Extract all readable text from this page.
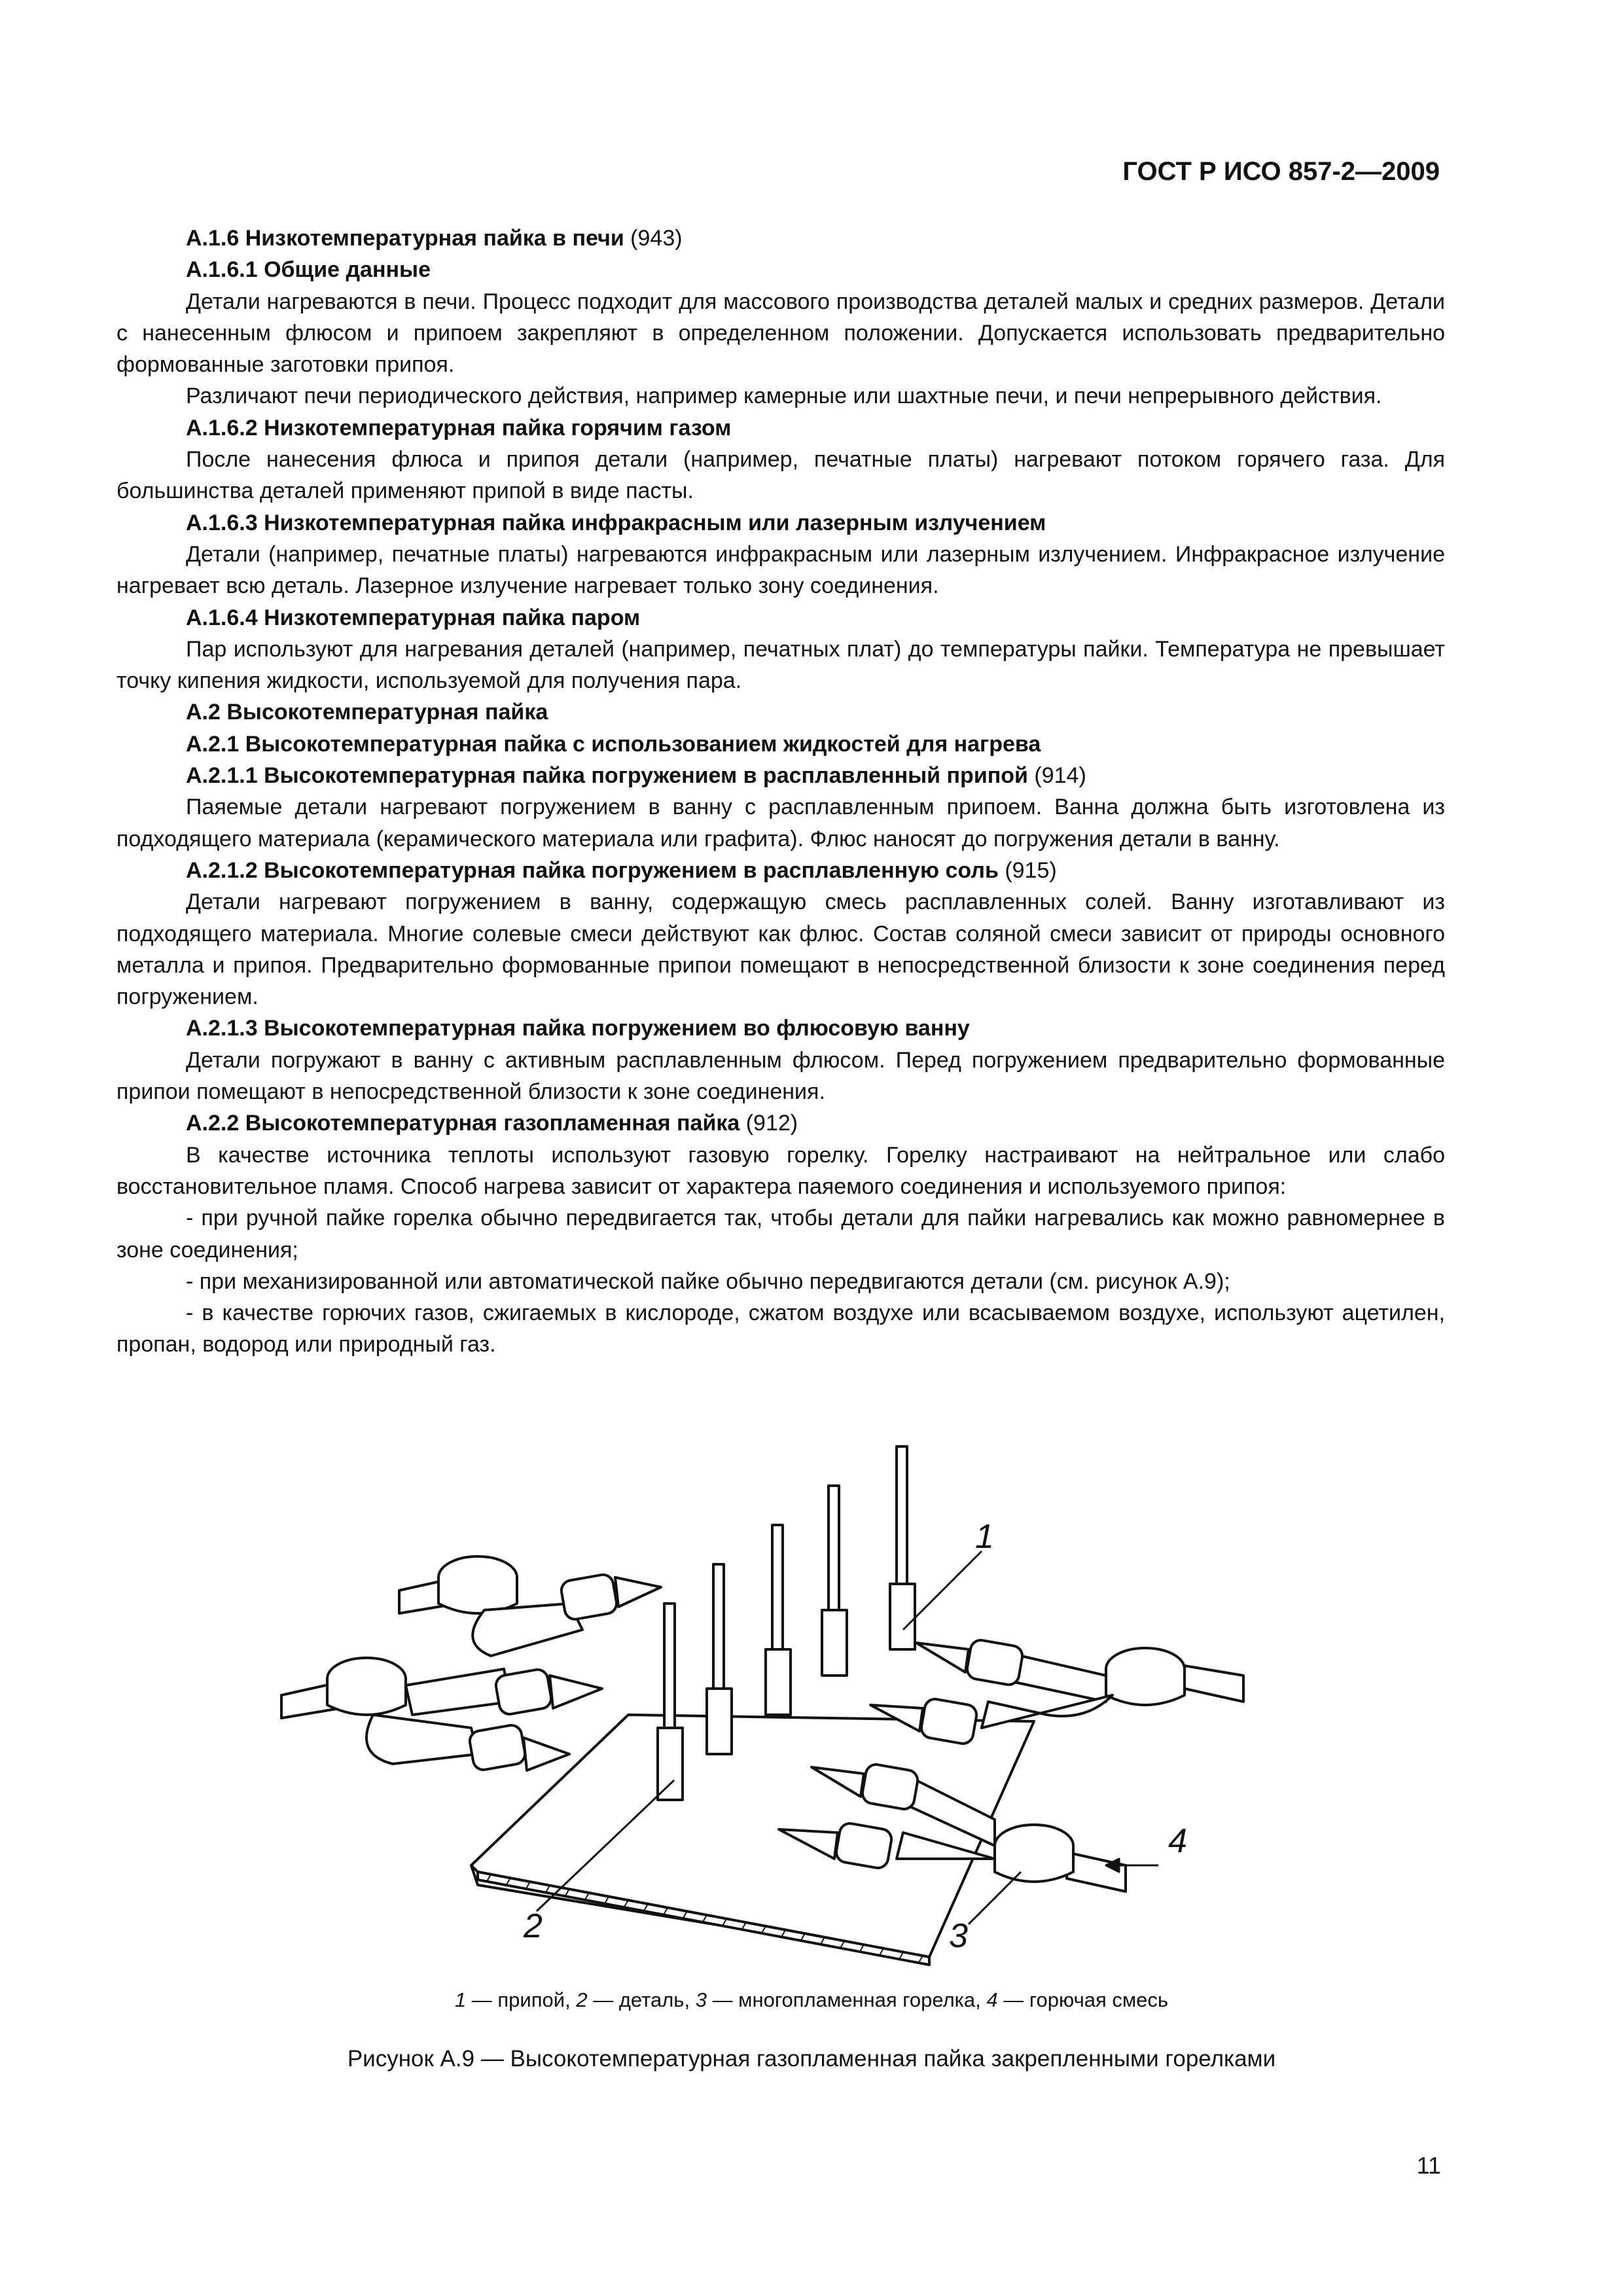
ГОСТ Р ИСО 857-2—2009

А.1.6 Низкотемпературная пайка в печи (943)

А.1.6.1 Общие данные

Детали нагреваются в печи. Процесс подходит для массового производства деталей малых и средних размеров. Детали с нанесенным флюсом и припоем закрепляют в определенном положении. Допускается использовать предварительно формованные заготовки припоя.

Различают печи периодического действия, например камерные или шахтные печи, и печи непрерывного действия.

А.1.6.2 Низкотемпературная пайка горячим газом

После нанесения флюса и припоя детали (например, печатные платы) нагревают потоком горячего газа. Для большинства деталей применяют припой в виде пасты.

А.1.6.3 Низкотемпературная пайка инфракрасным или лазерным излучением

Детали (например, печатные платы) нагреваются инфракрасным или лазерным излучением. Инфракрасное излучение нагревает всю деталь. Лазерное излучение нагревает только зону соединения.

А.1.6.4 Низкотемпературная пайка паром

Пар используют для нагревания деталей (например, печатных плат) до температуры пайки. Температура не превышает точку кипения жидкости, используемой для получения пара.

А.2 Высокотемпературная пайка

А.2.1 Высокотемпературная пайка с использованием жидкостей для нагрева

А.2.1.1 Высокотемпературная пайка погружением в расплавленный припой (914)

Паяемые детали нагревают погружением в ванну с расплавленным припоем. Ванна должна быть изготовлена из подходящего материала (керамического материала или графита). Флюс наносят до погружения детали в ванну.

А.2.1.2 Высокотемпературная пайка погружением в расплавленную соль (915)

Детали нагревают погружением в ванну, содержащую смесь расплавленных солей. Ванну изготавливают из подходящего материала. Многие солевые смеси действуют как флюс. Состав соляной смеси зависит от природы основного металла и припоя. Предварительно формованные припои помещают в непосредственной близости к зоне соединения перед погружением.

А.2.1.3 Высокотемпературная пайка погружением во флюсовую ванну

Детали погружают в ванну с активным расплавленным флюсом. Перед погружением предварительно формованные припои помещают в непосредственной близости к зоне соединения.

А.2.2 Высокотемпературная газопламенная пайка (912)

В качестве источника теплоты используют газовую горелку. Горелку настраивают на нейтральное или слабо восстановительное пламя. Способ нагрева зависит от характера паяемого соединения и используемого припоя:

- при ручной пайке горелка обычно передвигается так, чтобы детали для пайки нагревались как можно равномернее в зоне соединения;

- при механизированной или автоматической пайке обычно передвигаются детали (см. рисунок А.9);

- в качестве горючих газов, сжигаемых в кислороде, сжатом воздухе или всасываемом воздухе, используют ацетилен, пропан, водород или природный газ.

1
2	3
4
1 — припой, 2 — деталь, 3 — многопламенная горелка, 4 — горючая смесь
Рисунок А.9 — Высокотемпературная газопламенная пайка закрепленными горелками
11
